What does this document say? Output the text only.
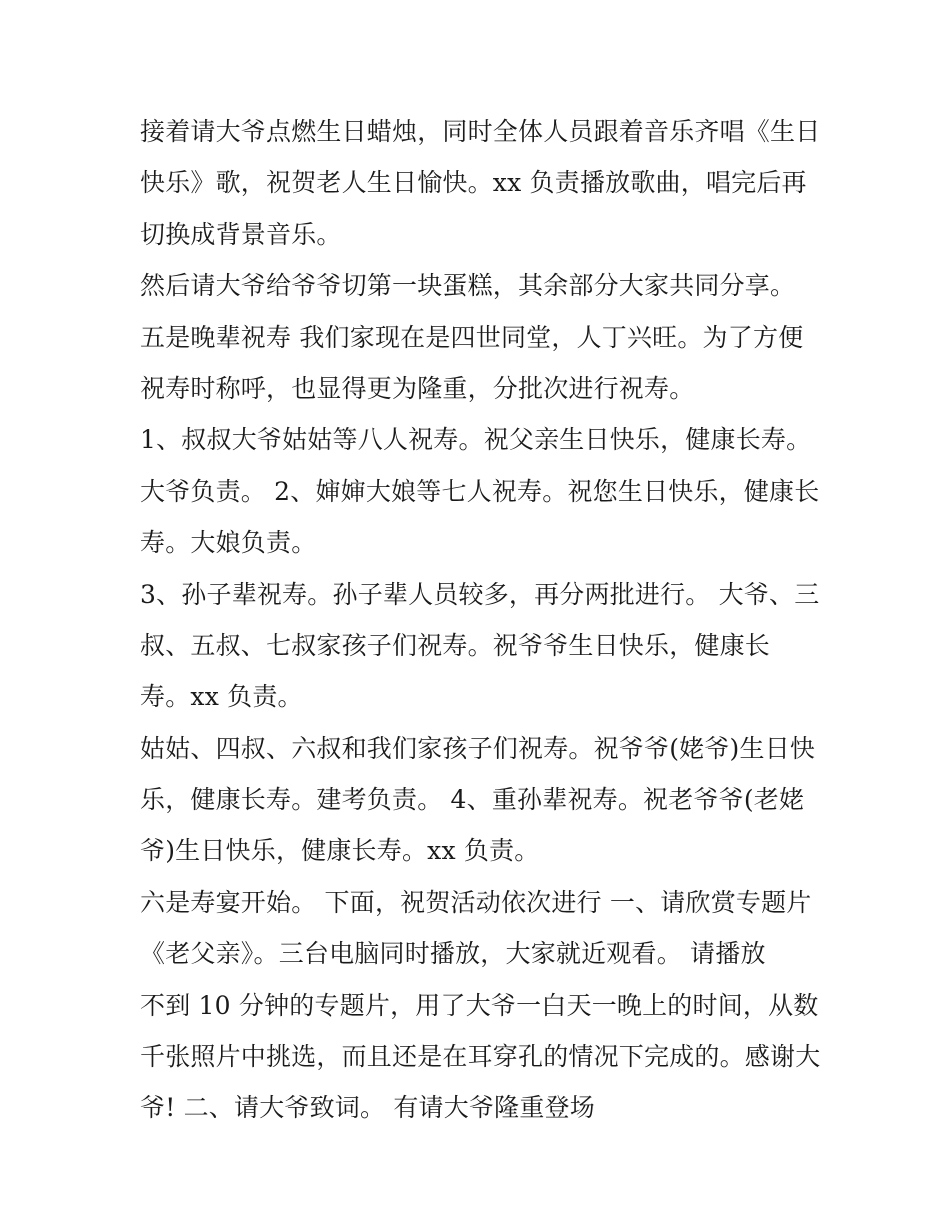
接着请大爷点燃生日蜡烛，同时全体人员跟着音乐齐唱《生日
快乐》歌，祝贺老人生日愉快。xx 负责播放歌曲，唱完后再
切换成背景音乐。
然后请大爷给爷爷切第一块蛋糕，其余部分大家共同分享。
五是晚辈祝寿 我们家现在是四世同堂，人丁兴旺。为了方便
祝寿时称呼，也显得更为隆重，分批次进行祝寿。
1、叔叔大爷姑姑等八人祝寿。祝父亲生日快乐，健康长寿。
大爷负责。 2、婶婶大娘等七人祝寿。祝您生日快乐，健康长
寿。大娘负责。
3、孙子辈祝寿。孙子辈人员较多，再分两批进行。 大爷、三
叔、五叔、七叔家孩子们祝寿。祝爷爷生日快乐，健康长
寿。xx 负责。
姑姑、四叔、六叔和我们家孩子们祝寿。祝爷爷(姥爷)生日快
乐，健康长寿。建考负责。 4、重孙辈祝寿。祝老爷爷(老姥
爷)生日快乐，健康长寿。xx 负责。
六是寿宴开始。 下面，祝贺活动依次进行 一、请欣赏专题片
《老父亲》。三台电脑同时播放，大家就近观看。 请播放
不到 10 分钟的专题片，用了大爷一白天一晚上的时间，从数
千张照片中挑选，而且还是在耳穿孔的情况下完成的。感谢大
爷! 二、请大爷致词。 有请大爷隆重登场
